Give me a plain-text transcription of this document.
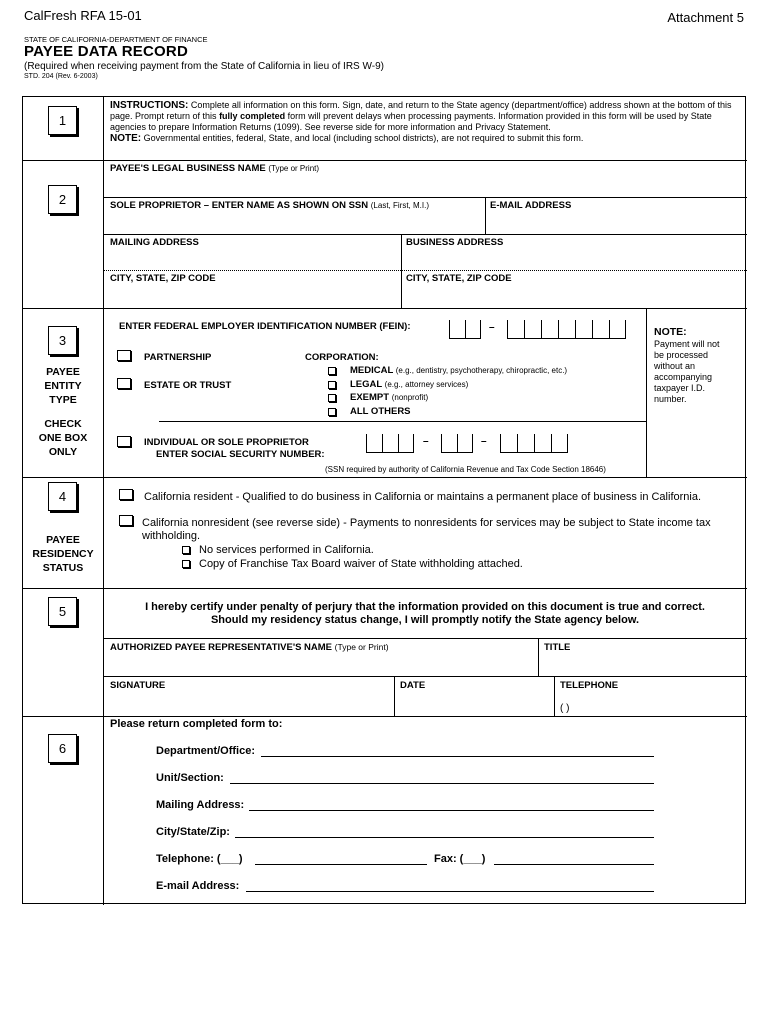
CalFresh RFA 15-01	Attachment 5
STATE OF CALIFORNIA-DEPARTMENT OF FINANCE
PAYEE DATA RECORD
(Required when receiving payment from the State of California in lieu of IRS W-9)
STD. 204 (Rev. 6-2003)
1
INSTRUCTIONS: Complete all information on this form. Sign, date, and return to the State agency (department/office) address shown at the bottom of this page. Prompt return of this fully completed form will prevent delays when processing payments. Information provided in this form will be used by State agencies to prepare Information Returns (1099). See reverse side for more information and Privacy Statement.
NOTE: Governmental entities, federal, State, and local (including school districts), are not required to submit this form.
2
PAYEE'S LEGAL BUSINESS NAME (Type or Print)
SOLE PROPRIETOR – ENTER NAME AS SHOWN ON SSN (Last, First, M.I.)	E-MAIL ADDRESS
MAILING ADDRESS	BUSINESS ADDRESS
CITY, STATE, ZIP CODE	CITY, STATE, ZIP CODE
3
PAYEE
ENTITY
TYPE
CHECK
ONE BOX
ONLY
ENTER FEDERAL EMPLOYER IDENTIFICATION NUMBER (FEIN):	–
PARTNERSHIP
ESTATE OR TRUST
CORPORATION:
MEDICAL (e.g., dentistry, psychotherapy, chiropractic, etc.)
LEGAL (e.g., attorney services)
EXEMPT (nonprofit)
ALL OTHERS
INDIVIDUAL OR SOLE PROPRIETOR
ENTER SOCIAL SECURITY NUMBER:
–	–
(SSN required by authority of California Revenue and Tax Code Section 18646)
NOTE:
Payment will not
be processed
without an
accompanying
taxpayer I.D.
number.
4
PAYEE
RESIDENCY
STATUS
California resident - Qualified to do business in California or maintains a permanent place of business in California.
California nonresident (see reverse side) - Payments to nonresidents for services may be subject to State income tax
withholding.
No services performed in California.
Copy of Franchise Tax Board waiver of State withholding attached.
5	I hereby certify under penalty of perjury that the information provided on this document is true and correct.
Should my residency status change, I will promptly notify the State agency below.
AUTHORIZED PAYEE REPRESENTATIVE'S NAME (Type or Print)	TITLE
SIGNATURE	DATE	TELEPHONE
( )
6
Please return completed form to:
Department/Office:
Unit/Section:
Mailing Address:
City/State/Zip:
Telephone: (___)	Fax: (___)
E-mail Address:
